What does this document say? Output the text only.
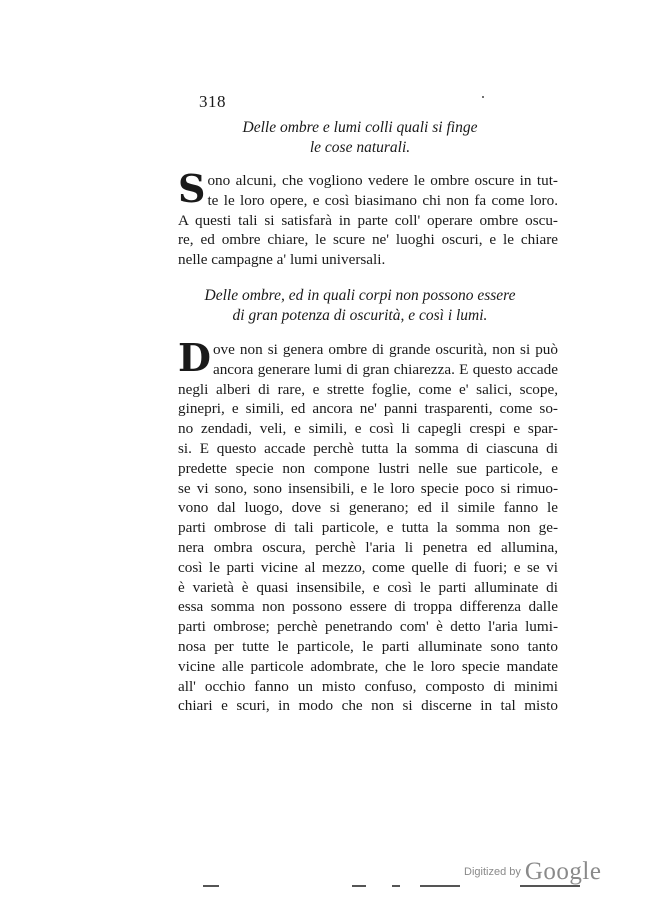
318
Delle ombre e lumi colli quali si finge
le cose naturali.
S ono alcuni, che vogliono vedere le ombre oscure in tut-
te le loro opere, e così biasimano chi non fa come loro.
A questi tali si satisfarà in parte coll' operare ombre oscu-
re, ed ombre chiare, le scure ne' luoghi oscuri, e le chiare
nelle campagne a' lumi universali.
Delle ombre, ed in quali corpi non possono essere
di gran potenza di oscurità, e così i lumi.
D ove non si genera ombre di grande oscurità, non si può
ancora generare lumi di gran chiarezza. E questo accade
negli alberi di rare, e strette foglie, come e' salici, scope,
ginepri, e simili, ed ancora ne' panni trasparenti, come so-
no zendadi, veli, e simili, e così li capegli crespi e spar-
si. E questo accade perchè tutta la somma di ciascuna di
predette specie non compone lustri nelle sue particole, e
se vi sono, sono insensibili, e le loro specie poco si rimuo-
vono dal luogo, dove si generano; ed il simile fanno le
parti ombrose di tali particole, e tutta la somma non ge-
nera ombra oscura, perchè l'aria li penetra ed allumina,
così le parti vicine al mezzo, come quelle di fuori; e se vi
è varietà è quasi insensibile, e così le parti alluminate di
essa somma non possono essere di troppa differenza dalle
parti ombrose; perchè penetrando com' è detto l'aria lumi-
nosa per tutte le particole, le parti alluminate sono tanto
vicine alle particole adombrate, che le loro specie mandate
all' occhio fanno un misto confuso, composto di minimi
chiari e scuri, in modo che non si discerne in tal misto
Digitized by Google
